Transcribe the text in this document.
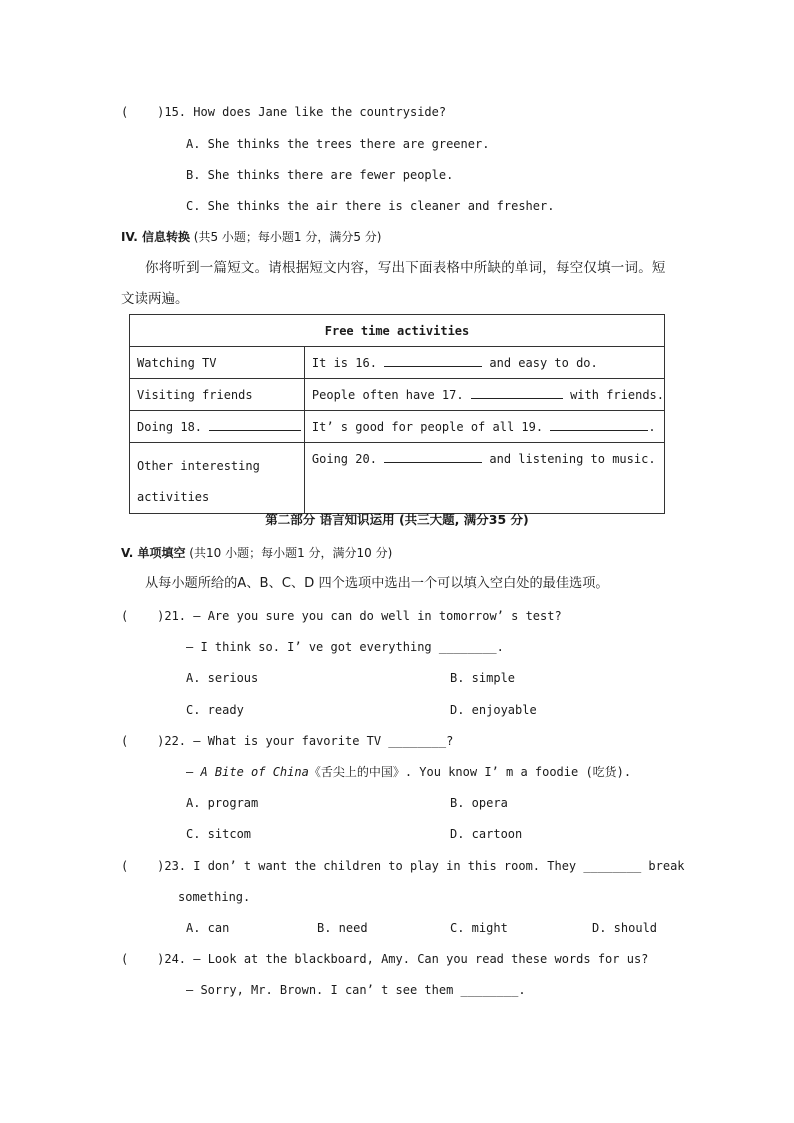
(    )15. How does Jane like the countryside?
A. She thinks the trees there are greener.
B. She thinks there are fewer people.
C. She thinks the air there is cleaner and fresher.
IV. 信息转换 (共5 小题；每小题1 分，满分5 分)
你将听到一篇短文。请根据短文内容，写出下面表格中所缺的单词，每空仅填一词。短
文读两遍。
Free time activities	
Watching TV	It is 16. and easy to do.
Visiting friends	People often have 17. with friends.
Doing 18.	It’ s good for people of all 19. .
Other interesting
activities	Going 20. and listening to music.
第二部分 语言知识运用 (共三大题, 满分35 分)
V. 单项填空 (共10 小题；每小题1 分，满分10 分)
从每小题所给的A、B、C、D 四个选项中选出一个可以填入空白处的最佳选项。
(    )21. — Are you sure you can do well in tomorrow’ s test?
— I think so. I’ ve got everything ________.
A. serious	B. simple
C. ready	D. enjoyable
(    )22. — What is your favorite TV ________?
— A Bite of China《舌尖上的中国》. You know I’ m a foodie (吃货).
A. program	B. opera
C. sitcom	D. cartoon
(    )23. I don’ t want the children to play in this room. They ________ break
something.
A. can	B. need	C. might	D. should
(    )24. — Look at the blackboard, Amy. Can you read these words for us?
— Sorry, Mr. Brown. I can’ t see them ________.
